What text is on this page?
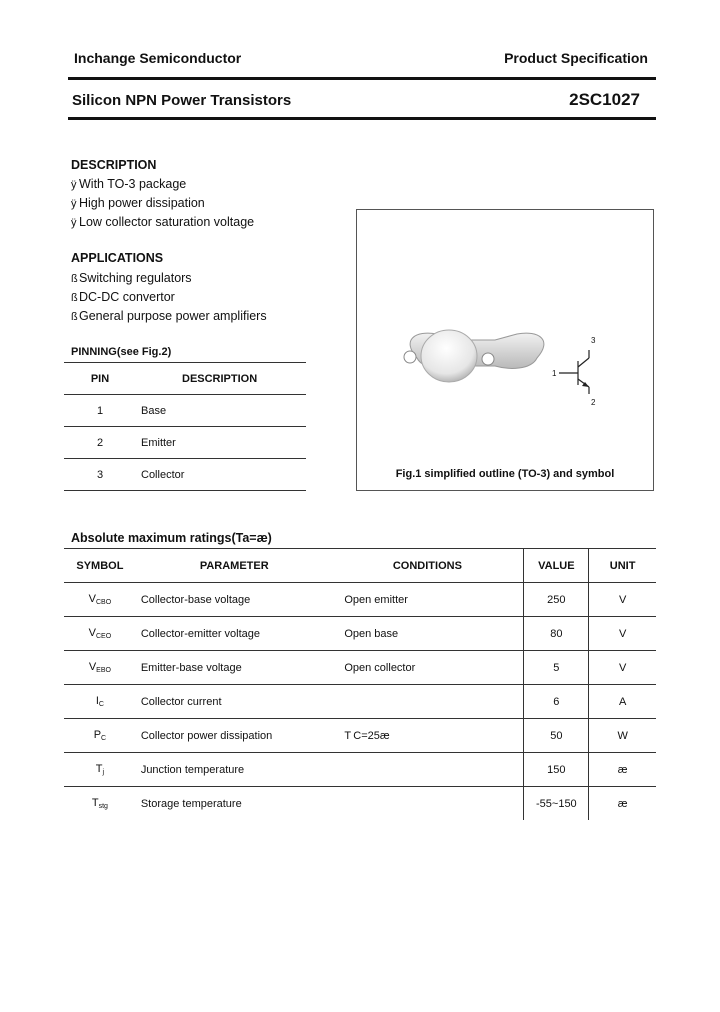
Inchange Semiconductor	Product Specification
Silicon NPN Power Transistors	2SC1027
DESCRIPTION
ÿ With TO-3 package
ÿ High power dissipation
ÿ Low collector saturation voltage
APPLICATIONS
ßSwitching regulators
ßDC-DC convertor
ßGeneral purpose power amplifiers
PINNING(see Fig.2)
PIN	DESCRIPTION
1	Base
2	Emitter
3	Collector
3
1
2
Fig.1 simplified outline (TO-3) and symbol
Absolute maximum ratings(Ta=æ)
SYMBOL	PARAMETER	CONDITIONS	VALUE	UNIT
VCBO	Collector-base voltage	Open emitter	250	V
VCEO	Collector-emitter voltage	Open base	80	V
VEBO	Emitter-base voltage	Open collector	5	V
IC	Collector current		6	A
PC	Collector power dissipation	T C=25æ	50	W
Tj	Junction temperature		150	æ
Tstg	Storage temperature		-55~150	æ
